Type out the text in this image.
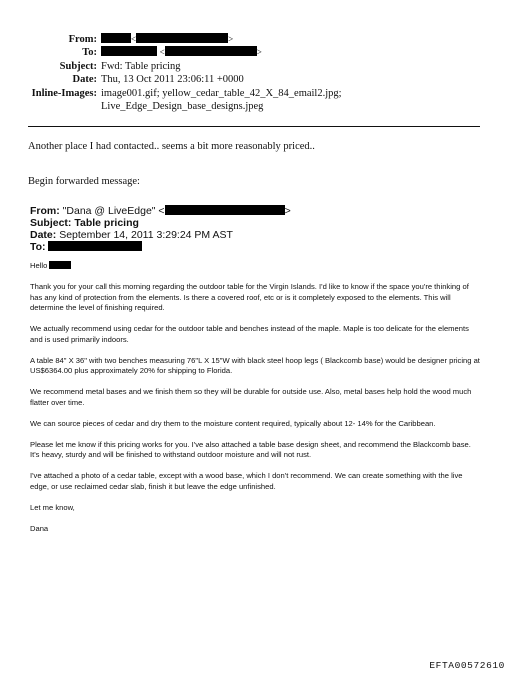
From:	<	>
To:	<	>
Subject: Fwd: Table pricing
Date: Thu, 13 Oct 2011 23:06:11 +0000
Inline-Images: image001.gif; yellow_cedar_table_42_X_84_email2.jpg;
Live_Edge_Design_base_designs.jpeg
Another place I had contacted.. seems a bit more reasonably priced..
Begin forwarded message:
From: "Dana @ LiveEdge" <	>
Subject: Table pricing
Date: September 14, 2011 3:29:24 PM AST
To:

Hello

Thank you for your call this morning regarding the outdoor table for the Virgin Islands. I'd like to know if the space you're thinking of has any kind of protection from the elements. Is there a covered roof, etc or is it completely exposed to the elements. This will determine the level of finishing required.

We actually recommend using cedar for the outdoor table and benches instead of the maple. Maple is too delicate for the elements and is used primarily indoors.

A table 84" X 36" with two benches measuring 76"L X 15"W with black steel hoop legs ( Blackcomb base) would be designer pricing at US$6364.00 plus approximately 20% for shipping to Florida.

We recommend metal bases and we finish them so they will be durable for outside use. Also, metal bases help hold the wood much flatter over time.

We can source pieces of cedar and dry them to the moisture content required, typically about 12- 14% for the Caribbean.

Please let me know if this pricing works for you. I've also attached a table base design sheet, and recommend the Blackcomb base. It's heavy, sturdy and will be finished to withstand outdoor moisture and will not rust.

I've attached a photo of a cedar table, except with a wood base, which I don't recommend. We can create something with the live edge, or use reclaimed cedar slab, finish it but leave the edge unfinished.

Let me know,

Dana

EFTA00572610
